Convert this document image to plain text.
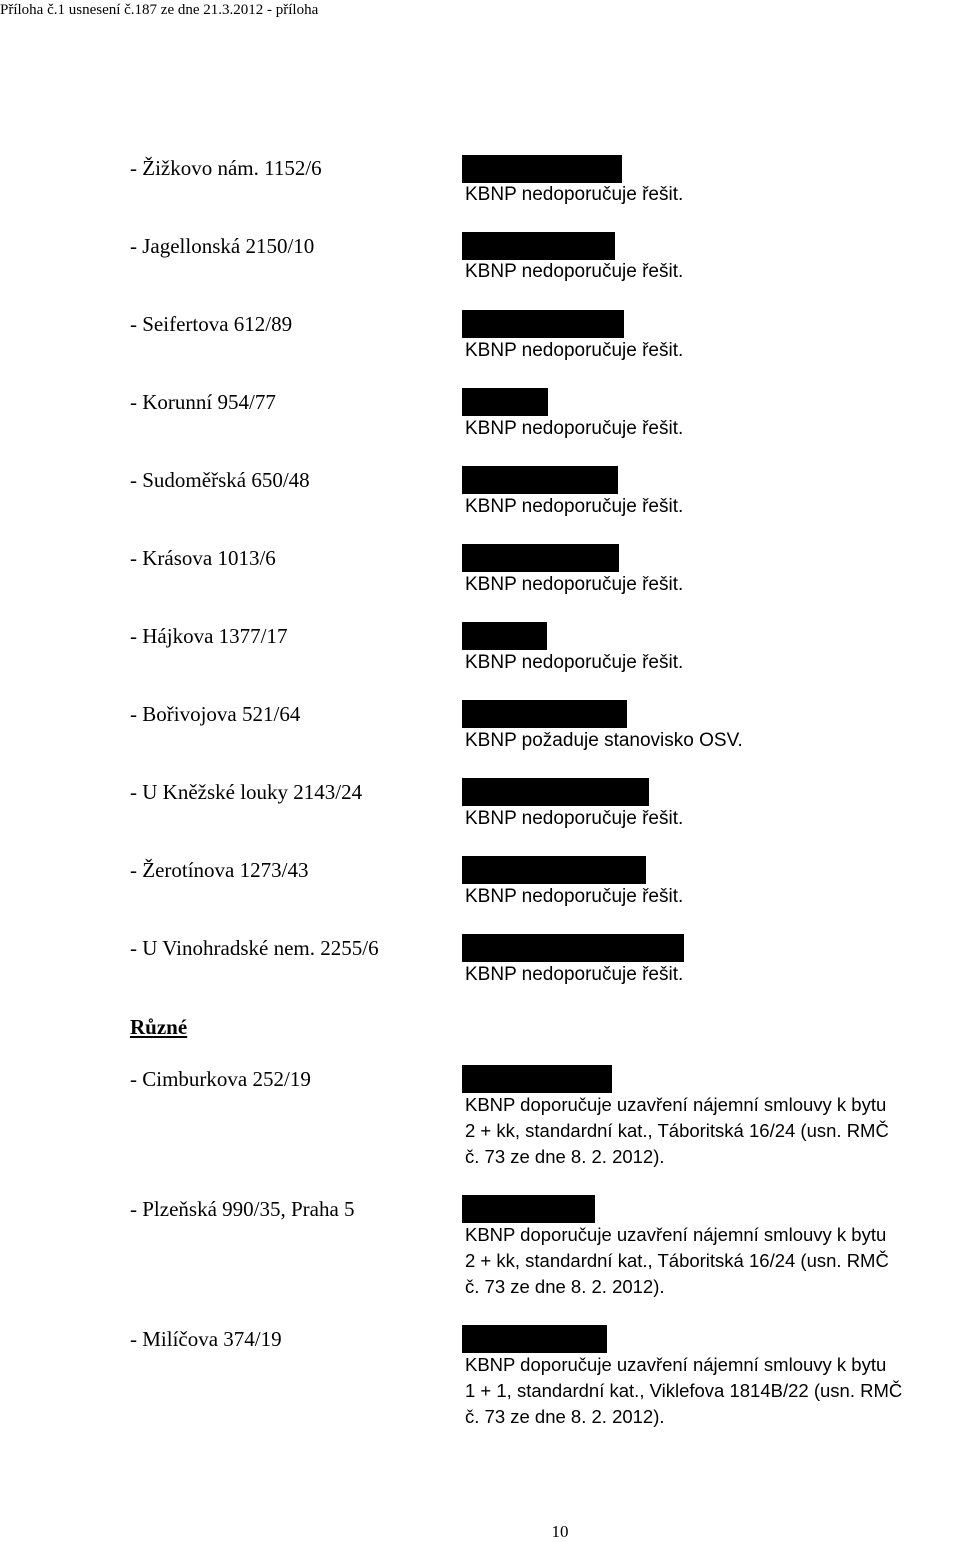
Příloha č.1 usnesení č.187 ze dne 21.3.2012 - příloha
- Žižkovo nám. 1152/6
KBNP nedoporučuje řešit.
- Jagellonská 2150/10
KBNP nedoporučuje řešit.
- Seifertova 612/89
KBNP nedoporučuje řešit.
- Korunní 954/77
KBNP nedoporučuje řešit.
- Sudoměřská 650/48
KBNP nedoporučuje řešit.
- Krásova 1013/6
KBNP nedoporučuje řešit.
- Hájkova 1377/17
KBNP nedoporučuje řešit.
- Bořivojova 521/64
KBNP požaduje stanovisko OSV.
- U Kněžské louky 2143/24
KBNP nedoporučuje řešit.
- Žerotínova 1273/43
KBNP nedoporučuje řešit.
- U Vinohradské nem. 2255/6
KBNP nedoporučuje řešit.
Různé
- Cimburkova 252/19
KBNP doporučuje uzavření nájemní smlouvy k bytu
2 + kk, standardní kat., Táboritská 16/24 (usn. RMČ
č. 73 ze dne 8. 2. 2012).
- Plzeňská 990/35, Praha 5
KBNP doporučuje uzavření nájemní smlouvy k bytu
2 + kk, standardní kat., Táboritská 16/24 (usn. RMČ
č. 73 ze dne 8. 2. 2012).
- Milíčova 374/19
KBNP doporučuje uzavření nájemní smlouvy k bytu
1 + 1, standardní kat., Viklefova 1814B/22 (usn. RMČ
č. 73 ze dne 8. 2. 2012).
10
